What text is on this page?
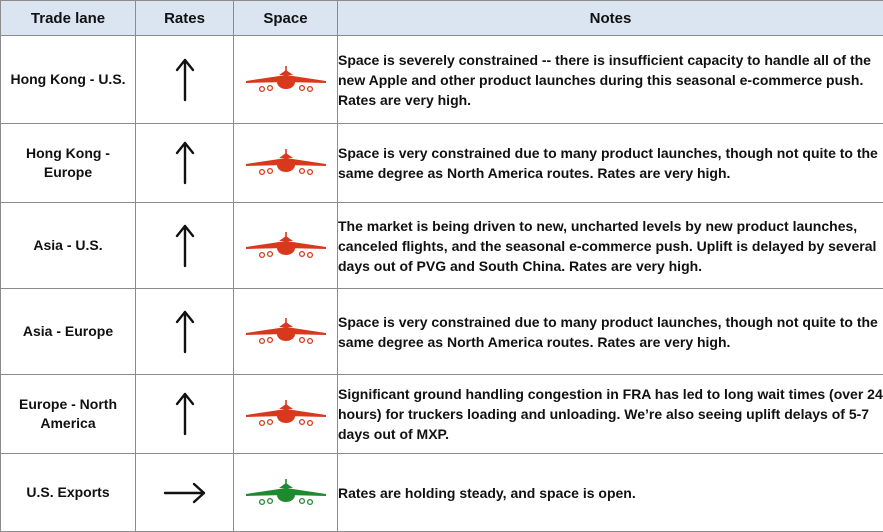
Trade lane	Rates	Space	Notes
Hong Kong - U.S.			Space is severely constrained -- there is insufficient capacity to handle all of the new Apple and other product launches during this seasonal e-commerce push. Rates are very high.
Hong Kong - Europe			Space is very constrained due to many product launches, though not quite to the same degree as North America routes. Rates are very high.
Asia - U.S.			The market is being driven to new, uncharted levels by new product launches, canceled flights, and the seasonal e-commerce push. Uplift is delayed by several days out of PVG and South China. Rates are very high.
Asia - Europe			Space is very constrained due to many product launches, though not quite to the same degree as North America routes. Rates are very high.
Europe - North America			Significant ground handling congestion in FRA has led to long wait times (over 24 hours) for truckers loading and unloading. We’re also seeing uplift delays of 5-7 days out of MXP.
U.S. Exports			Rates are holding steady, and space is open.
